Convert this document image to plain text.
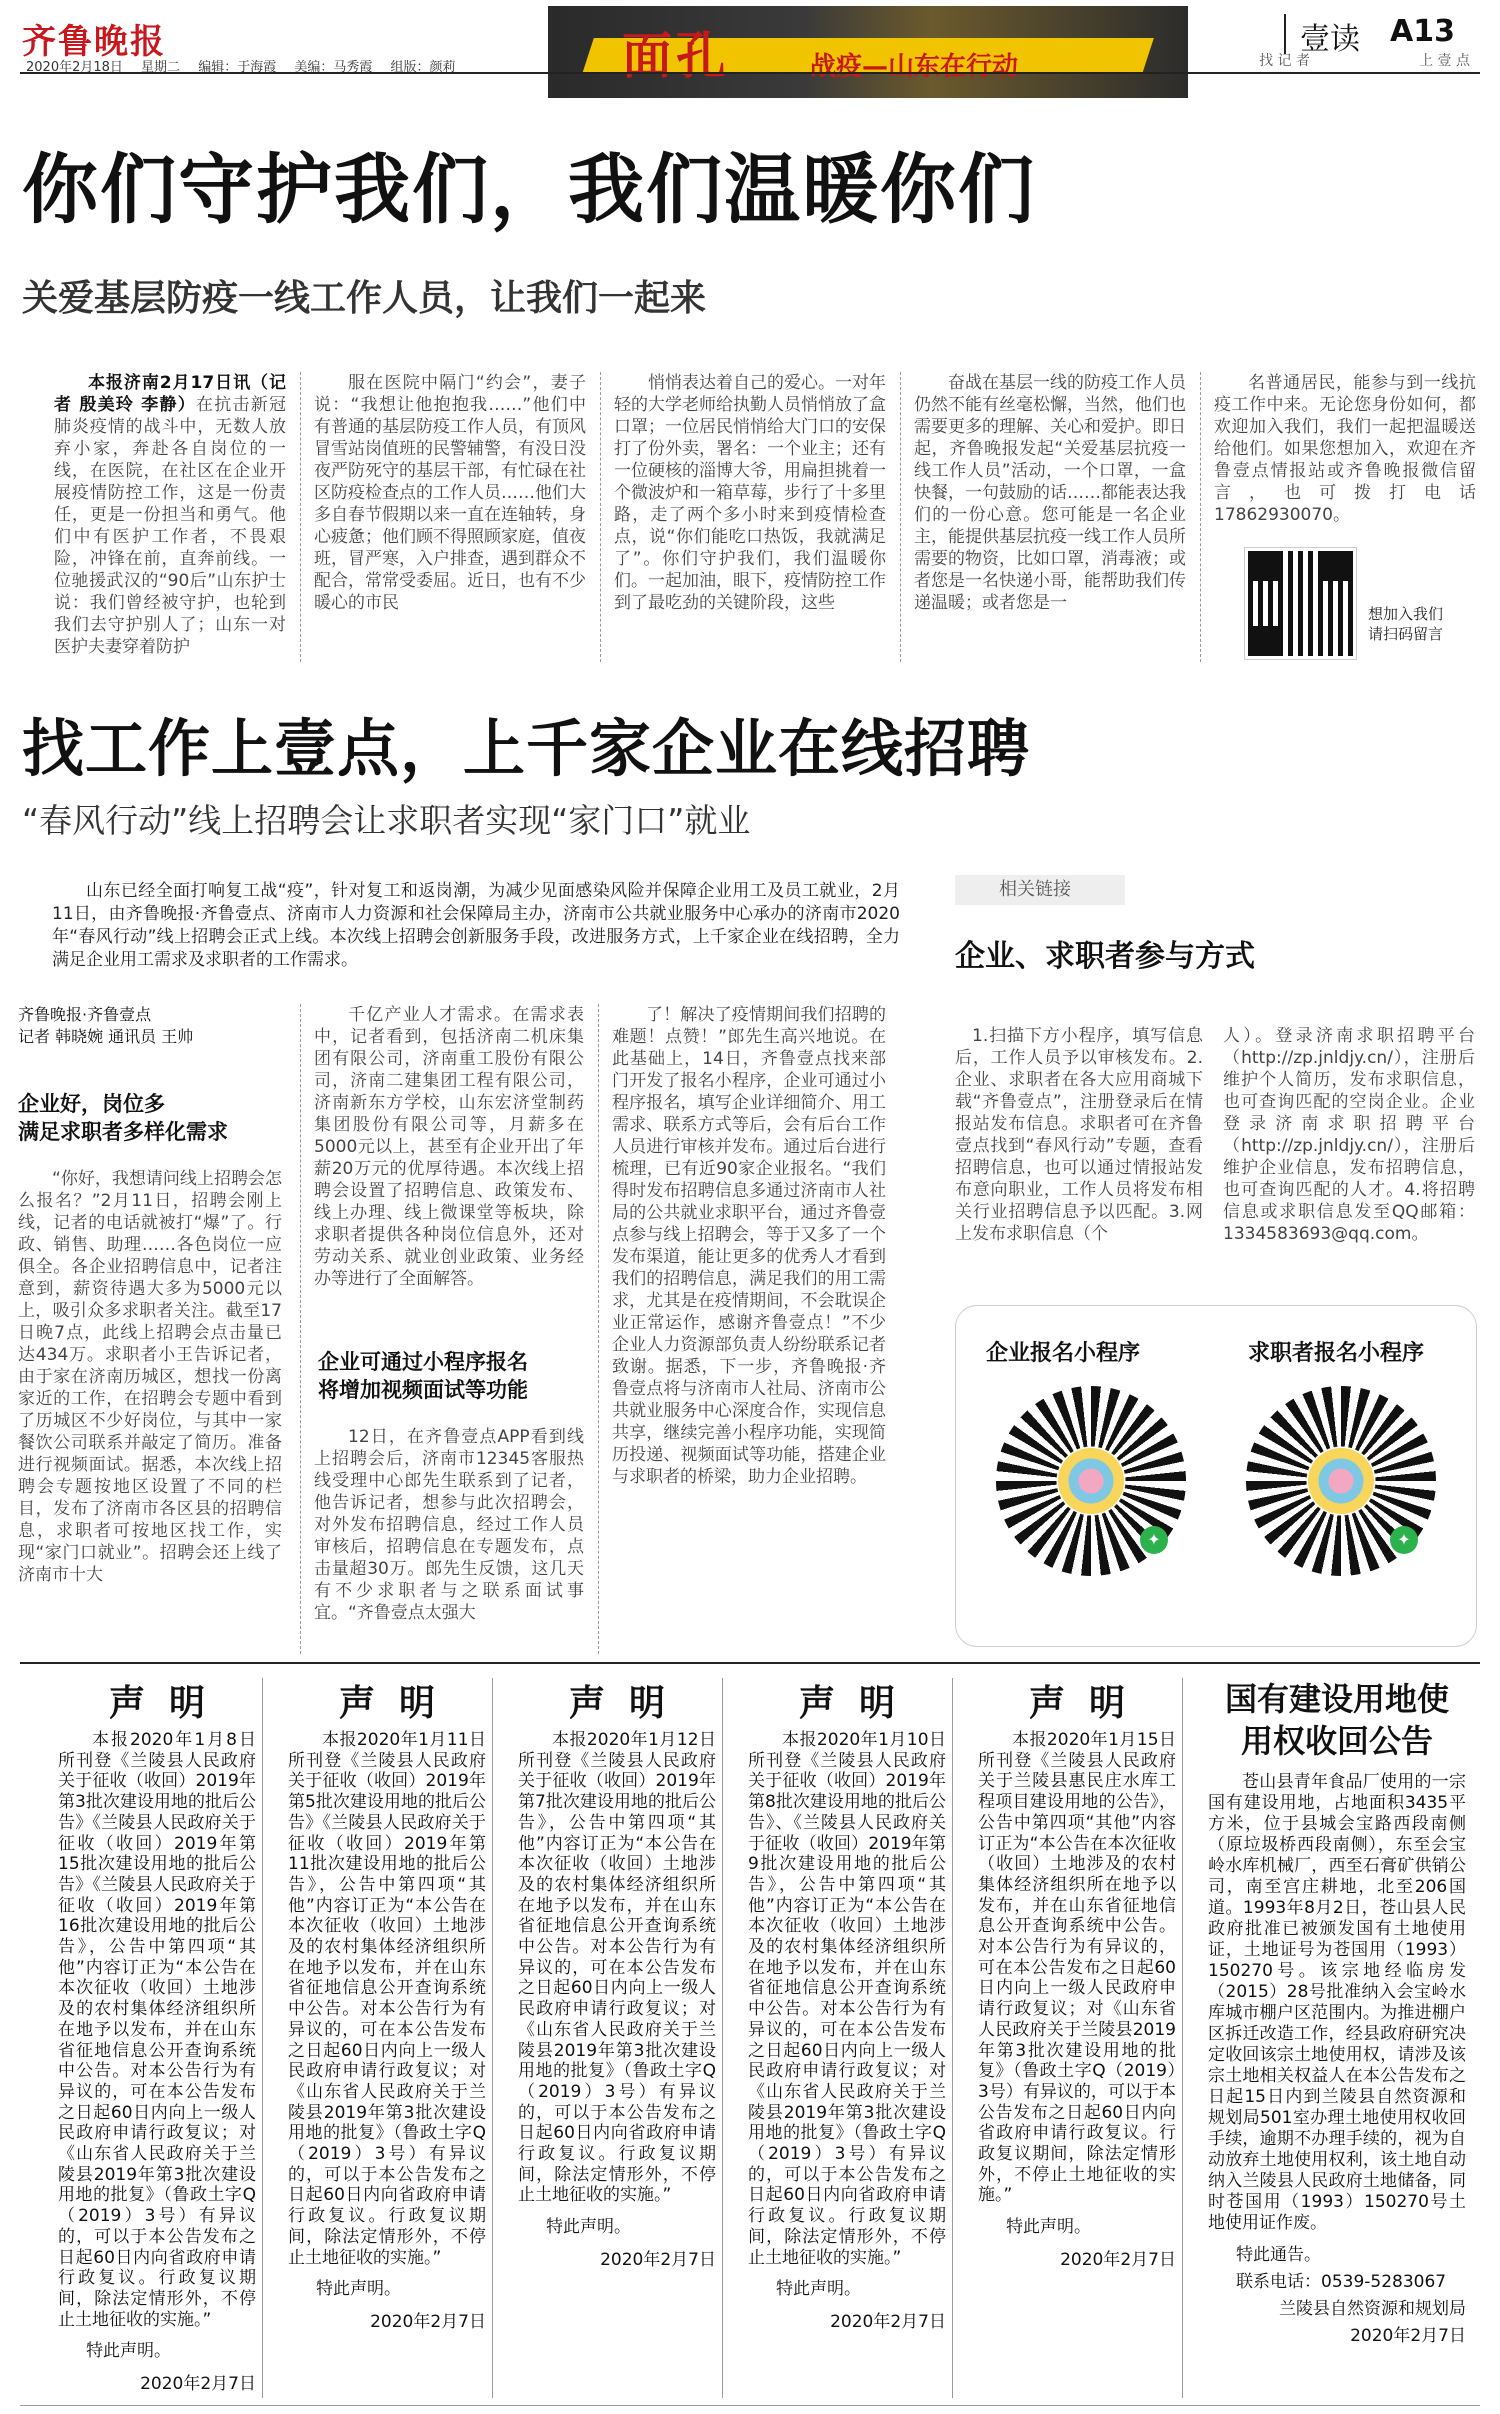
齐鲁晚报
2020年2月18日 星期二 编辑：于海霞 美编：马秀霞 组版：颜莉	面孔	战疫—山东在行动
壹读 A13
找 记 者	上 壹 点
你们守护我们，我们温暖你们
关爱基层防疫一线工作人员，让我们一起来

本报济南2月17日讯（记者 殷美玲 李静）在抗击新冠肺炎疫情的战斗中，无数人放弃小家，奔赴各自岗位的一线，在医院，在社区在企业开展疫情防控工作，这是一份责任，更是一份担当和勇气。他们中有医护工作者，不畏艰险，冲锋在前，直奔前线。一位驰援武汉的“90后”山东护士说：我们曾经被守护，也轮到我们去守护别人了；山东一对医护夫妻穿着防护

服在医院中隔门“约会”，妻子说：“我想让他抱抱我……”他们中有普通的基层防疫工作人员，有顶风冒雪站岗值班的民警辅警，有没日没夜严防死守的基层干部，有忙碌在社区防疫检查点的工作人员……他们大多自春节假期以来一直在连轴转，身心疲惫；他们顾不得照顾家庭，值夜班，冒严寒，入户排查，遇到群众不配合，常常受委屈。近日，也有不少暖心的市民

悄悄表达着自己的爱心。一对年轻的大学老师给执勤人员悄悄放了盒口罩；一位居民悄悄给大门口的安保打了份外卖，署名：一个业主；还有一位硬核的淄博大爷，用扁担挑着一个微波炉和一箱草莓，步行了十多里路，走了两个多小时来到疫情检查点，说“你们能吃口热饭，我就满足了”。你们守护我们，我们温暖你们。一起加油，眼下，疫情防控工作到了最吃劲的关键阶段，这些

奋战在基层一线的防疫工作人员仍然不能有丝毫松懈，当然，他们也需要更多的理解、关心和爱护。即日起，齐鲁晚报发起“关爱基层抗疫一线工作人员”活动，一个口罩，一盒快餐，一句鼓励的话……都能表达我们的一份心意。您可能是一名企业主，能提供基层抗疫一线工作人员所需要的物资，比如口罩，消毒液；或者您是一名快递小哥，能帮助我们传递温暖；或者您是一

名普通居民，能参与到一线抗疫工作中来。无论您身份如何，都欢迎加入我们，我们一起把温暖送给他们。如果您想加入，欢迎在齐鲁壹点情报站或齐鲁晚报微信留言，也可拨打电话17862930070。

想加入我们
请扫码留言
找工作上壹点，上千家企业在线招聘
“春风行动”线上招聘会让求职者实现“家门口”就业

山东已经全面打响复工战“疫”，针对复工和返岗潮，为减少见面感染风险并保障企业用工及员工就业，2月11日，由齐鲁晚报·齐鲁壹点、济南市人力资源和社会保障局主办，济南市公共就业服务中心承办的济南市2020年“春风行动”线上招聘会正式上线。本次线上招聘会创新服务手段，改进服务方式，上千家企业在线招聘，全力满足企业用工需求及求职者的工作需求。

齐鲁晚报·齐鲁壹点
记者 韩晓婉 通讯员 王帅
企业好，岗位多
满足求职者多样化需求

“你好，我想请问线上招聘会怎么报名？”2月11日，招聘会刚上线，记者的电话就被打“爆”了。行政、销售、助理……各色岗位一应俱全。各企业招聘信息中，记者注意到，薪资待遇大多为5000元以上，吸引众多求职者关注。截至17日晚7点，此线上招聘会点击量已达434万。求职者小王告诉记者，由于家在济南历城区，想找一份离家近的工作，在招聘会专题中看到了历城区不少好岗位，与其中一家餐饮公司联系并敲定了简历。准备进行视频面试。据悉，本次线上招聘会专题按地区设置了不同的栏目，发布了济南市各区县的招聘信息，求职者可按地区找工作，实现“家门口就业”。招聘会还上线了济南市十大

千亿产业人才需求。在需求表中，记者看到，包括济南二机床集团有限公司，济南重工股份有限公司，济南二建集团工程有限公司，济南新东方学校，山东宏济堂制药集团股份有限公司等，月薪多在5000元以上，甚至有企业开出了年薪20万元的优厚待遇。本次线上招聘会设置了招聘信息、政策发布、线上办理、线上微课堂等板块，除求职者提供各种岗位信息外，还对劳动关系、就业创业政策、业务经办等进行了全面解答。

企业可通过小程序报名
将增加视频面试等功能

12日，在齐鲁壹点APP看到线上招聘会后，济南市12345客服热线受理中心郎先生联系到了记者，他告诉记者，想参与此次招聘会，对外发布招聘信息，经过工作人员审核后，招聘信息在专题发布，点击量超30万。郎先生反馈，这几天有不少求职者与之联系面试事宜。“齐鲁壹点太强大

了！解决了疫情期间我们招聘的难题！点赞！”郎先生高兴地说。在此基础上，14日，齐鲁壹点找来部门开发了报名小程序，企业可通过小程序报名，填写企业详细简介、用工需求、联系方式等后，会有后台工作人员进行审核并发布。通过后台进行梳理，已有近90家企业报名。“我们得时发布招聘信息多通过济南市人社局的公共就业求职平台，通过齐鲁壹点参与线上招聘会，等于又多了一个发布渠道，能让更多的优秀人才看到我们的招聘信息，满足我们的用工需求，尤其是在疫情期间，不会耽误企业正常运作，感谢齐鲁壹点！”不少企业人力资源部负责人纷纷联系记者致谢。据悉，下一步，齐鲁晚报·齐鲁壹点将与济南市人社局、济南市公共就业服务中心深度合作，实现信息共享，继续完善小程序功能，实现简历投递、视频面试等功能，搭建企业与求职者的桥梁，助力企业招聘。

相关链接
企业、求职者参与方式

1.扫描下方小程序，填写信息后，工作人员予以审核发布。2.企业、求职者在各大应用商城下载“齐鲁壹点”，注册登录后在情报站发布信息。求职者可在齐鲁壹点找到“春风行动”专题，查看招聘信息，也可以通过情报站发布意向职业，工作人员将发布相关行业招聘信息予以匹配。3.网上发布求职信息（个

人）。登录济南求职招聘平台（http://zp.jnldjy.cn/），注册后维护个人简历，发布求职信息，也可查询匹配的空岗企业。企业登录济南求职招聘平台（http://zp.jnldjy.cn/），注册后维护企业信息，发布招聘信息，也可查询匹配的人才。4.将招聘信息或求职信息发至QQ邮箱：1334583693@qq.com。

企业报名小程序	求职者报名小程序
✦	✦
声明

本报2020年1月8日所刊登《兰陵县人民政府关于征收（收回）2019年第3批次建设用地的批后公告》《兰陵县人民政府关于征收（收回）2019年第15批次建设用地的批后公告》《兰陵县人民政府关于征收（收回）2019年第16批次建设用地的批后公告》，公告中第四项“其他”内容订正为“本公告在本次征收（收回）土地涉及的农村集体经济组织所在地予以发布，并在山东省征地信息公开查询系统中公告。对本公告行为有异议的，可在本公告发布之日起60日内向上一级人民政府申请行政复议；对《山东省人民政府关于兰陵县2019年第3批次建设用地的批复》（鲁政土字Q（2019）3号）有异议的，可以于本公告发布之日起60日内向省政府申请行政复议。行政复议期间，除法定情形外，不停止土地征收的实施。”

特此声明。
2020年2月7日
声明

本报2020年1月11日所刊登《兰陵县人民政府关于征收（收回）2019年第5批次建设用地的批后公告》《兰陵县人民政府关于征收（收回）2019年第11批次建设用地的批后公告》，公告中第四项“其他”内容订正为“本公告在本次征收（收回）土地涉及的农村集体经济组织所在地予以发布，并在山东省征地信息公开查询系统中公告。对本公告行为有异议的，可在本公告发布之日起60日内向上一级人民政府申请行政复议；对《山东省人民政府关于兰陵县2019年第3批次建设用地的批复》（鲁政土字Q（2019）3号）有异议的，可以于本公告发布之日起60日内向省政府申请行政复议。行政复议期间，除法定情形外，不停止土地征收的实施。”

特此声明。
2020年2月7日
声明

本报2020年1月12日所刊登《兰陵县人民政府关于征收（收回）2019年第7批次建设用地的批后公告》，公告中第四项“其他”内容订正为“本公告在本次征收（收回）土地涉及的农村集体经济组织所在地予以发布，并在山东省征地信息公开查询系统中公告。对本公告行为有异议的，可在本公告发布之日起60日内向上一级人民政府申请行政复议；对《山东省人民政府关于兰陵县2019年第3批次建设用地的批复》（鲁政土字Q（2019）3号）有异议的，可以于本公告发布之日起60日内向省政府申请行政复议。行政复议期间，除法定情形外，不停止土地征收的实施。”

特此声明。
2020年2月7日
声明

本报2020年1月10日所刊登《兰陵县人民政府关于征收（收回）2019年第8批次建设用地的批后公告》、《兰陵县人民政府关于征收（收回）2019年第9批次建设用地的批后公告》，公告中第四项“其他”内容订正为“本公告在本次征收（收回）土地涉及的农村集体经济组织所在地予以发布，并在山东省征地信息公开查询系统中公告。对本公告行为有异议的，可在本公告发布之日起60日内向上一级人民政府申请行政复议；对《山东省人民政府关于兰陵县2019年第3批次建设用地的批复》（鲁政土字Q（2019）3号）有异议的，可以于本公告发布之日起60日内向省政府申请行政复议。行政复议期间，除法定情形外，不停止土地征收的实施。”

特此声明。
2020年2月7日
声明

本报2020年1月15日所刊登《兰陵县人民政府关于兰陵县惠民庄水库工程项目建设用地的公告》，公告中第四项“其他”内容订正为“本公告在本次征收（收回）土地涉及的农村集体经济组织所在地予以发布，并在山东省征地信息公开查询系统中公告。对本公告行为有异议的，可在本公告发布之日起60日内向上一级人民政府申请行政复议；对《山东省人民政府关于兰陵县2019年第3批次建设用地的批复》（鲁政土字Q（2019）3号）有异议的，可以于本公告发布之日起60日内向省政府申请行政复议。行政复议期间，除法定情形外，不停止土地征收的实施。”

特此声明。
2020年2月7日
国有建设用地使用权收回公告

苍山县青年食品厂使用的一宗国有建设用地，占地面积3435平方米，位于县城会宝路西段南侧（原垃圾桥西段南侧），东至会宝岭水库机械厂，西至石膏矿供销公司，南至宫庄耕地，北至206国道。1993年8月2日，苍山县人民政府批准已被颁发国有土地使用证，土地证号为苍国用（1993）150270号。该宗地经临房发（2015）28号批准纳入会宝岭水库城市棚户区范围内。为推进棚户区拆迁改造工作，经县政府研究决定收回该宗土地使用权，请涉及该宗土地相关权益人在本公告发布之日起15日内到兰陵县自然资源和规划局501室办理土地使用权收回手续，逾期不办理手续的，视为自动放弃土地使用权利，该土地自动纳入兰陵县人民政府土地储备，同时苍国用（1993）150270号土地使用证作废。

特此通告。
联系电话：0539-5283067
兰陵县自然资源和规划局
2020年2月7日
